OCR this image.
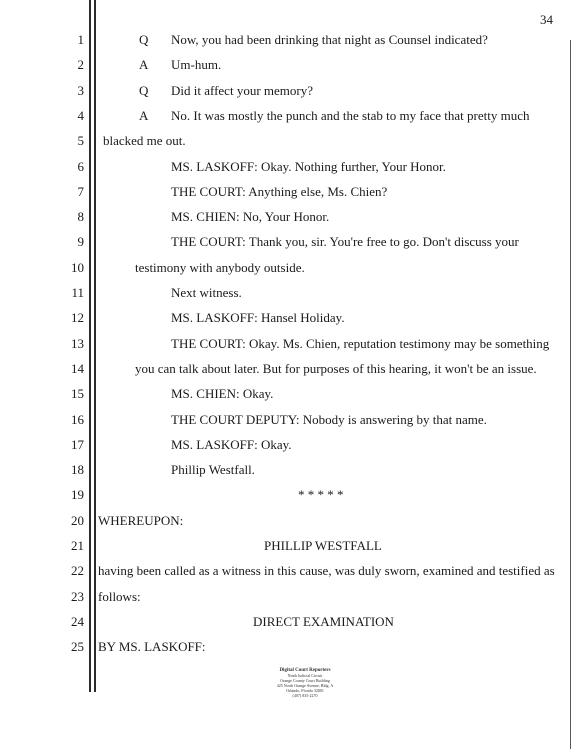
34
1	Q Now, you had been drinking that night as Counsel indicated?
2	A Um-hum.
3	Q Did it affect your memory?
4	A No. It was mostly the punch and the stab to my face that pretty much
5 blacked me out.
6	MS. LASKOFF: Okay. Nothing further, Your Honor.
7	THE COURT: Anything else, Ms. Chien?
8	MS. CHIEN: No, Your Honor.
9	THE COURT: Thank you, sir. You're free to go. Don't discuss your
10	testimony with anybody outside.
11	Next witness.
12	MS. LASKOFF: Hansel Holiday.
13	THE COURT: Okay. Ms. Chien, reputation testimony may be something
14	you can talk about later. But for purposes of this hearing, it won't be an issue.
15	MS. CHIEN: Okay.
16	THE COURT DEPUTY: Nobody is answering by that name.
17	MS. LASKOFF: Okay.
18	Phillip Westfall.
19	* * * * *
20 WHEREUPON:
21	PHILLIP WESTFALL
22 having been called as a witness in this cause, was duly sworn, examined and testified as
23 follows:
24	DIRECT EXAMINATION
25 BY MS. LASKOFF:
Digital Court Reporters
Ninth Judicial Circuit
Orange County Court Building
425 North Orange Avenue, Bldg. A
Orlando, Florida 32801
(407) 835-2270
